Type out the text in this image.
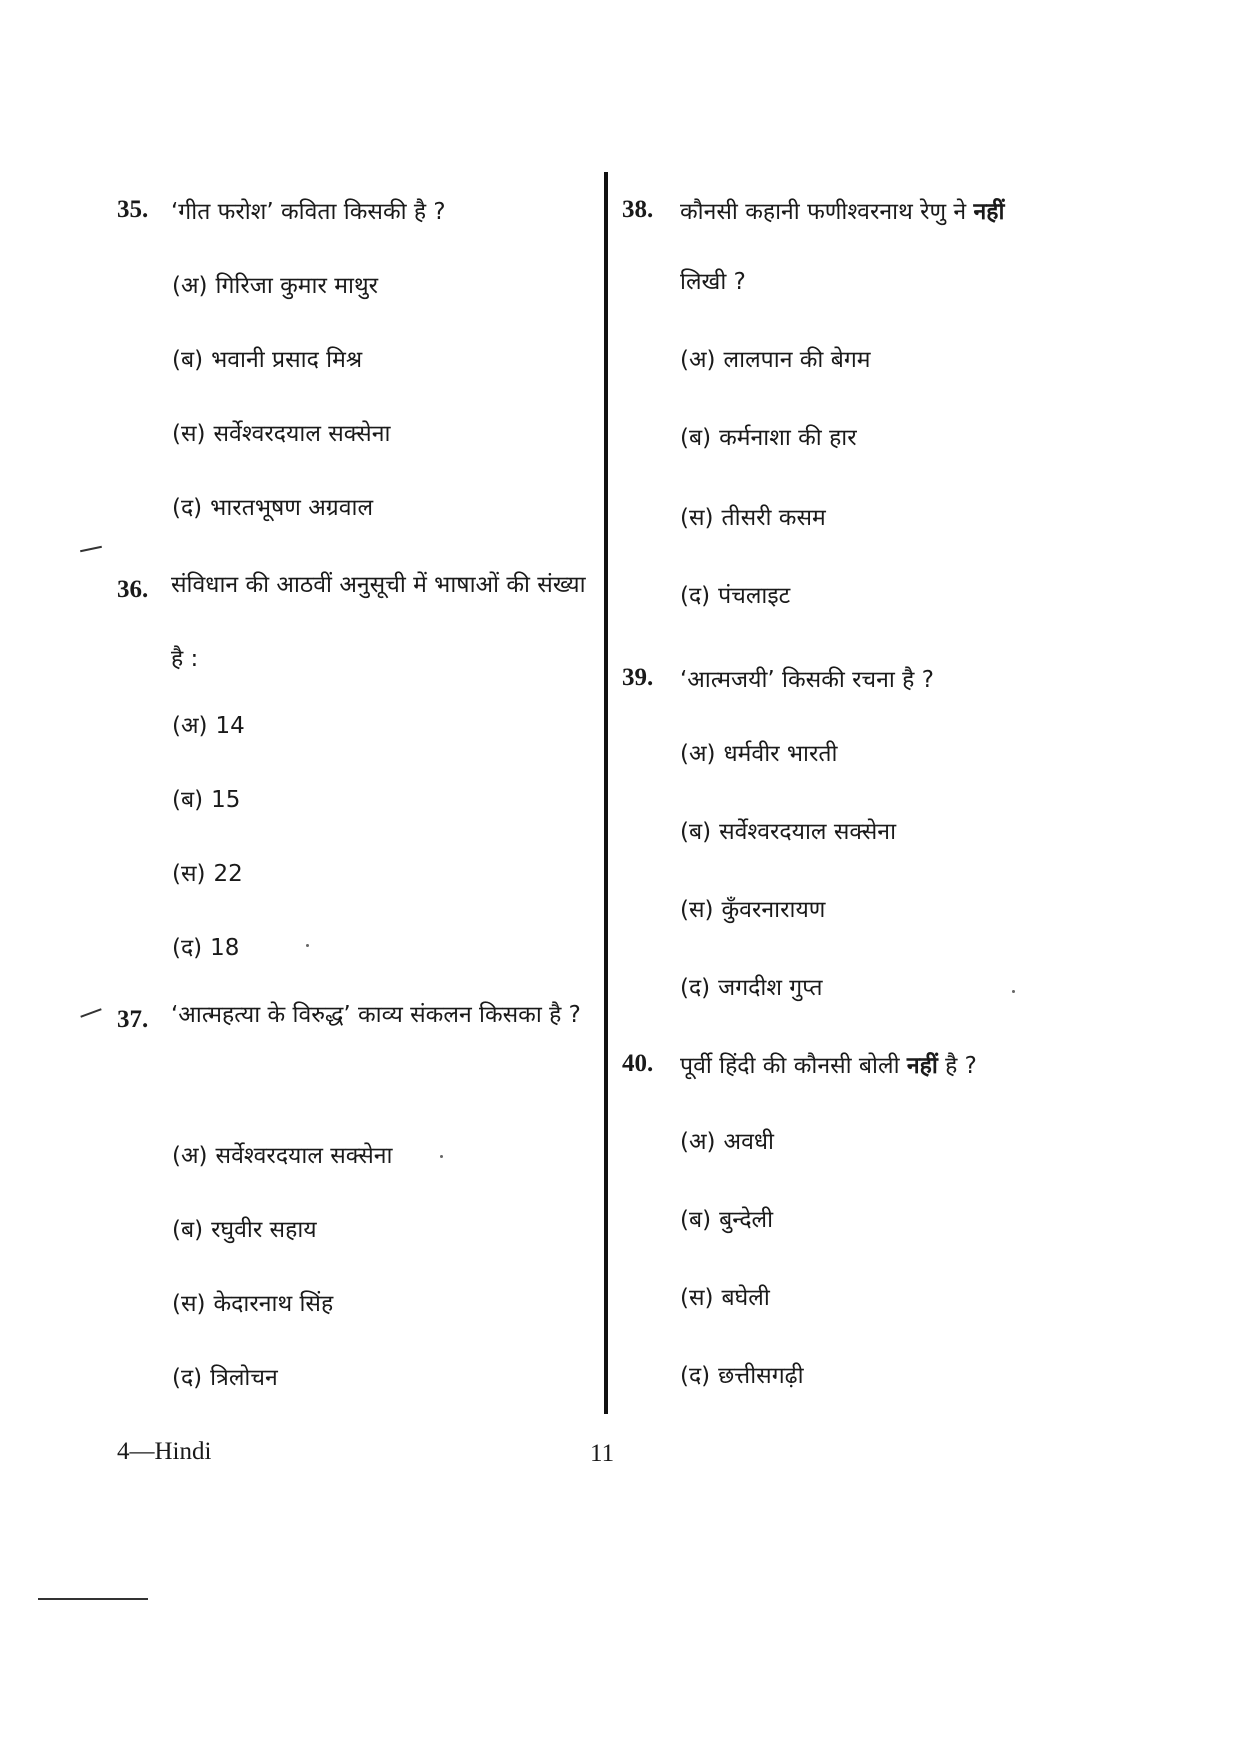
35. ‘गीत फरोश’ कविता किसकी है ?
(अ) गिरिजा कुमार माथुर
(ब) भवानी प्रसाद मिश्र
(स) सर्वेश्वरदयाल सक्सेना
(द) भारतभूषण अग्रवाल
36. संविधान की आठवीं अनुसूची में भाषाओं की संख्या है :
(अ) 14
(ब) 15
(स) 22
(द) 18
37. ‘आत्महत्या के विरुद्ध’ काव्य संकलन किसका है ?
(अ) सर्वेश्वरदयाल सक्सेना
(ब) रघुवीर सहाय
(स) केदारनाथ सिंह
(द) त्रिलोचन
38.	कौनसी कहानी फणीश्वरनाथ रेणु ने नहीं
लिखी ?
(अ) लालपान की बेगम
(ब) कर्मनाशा की हार
(स) तीसरी कसम
(द) पंचलाइट
39.	‘आत्मजयी’ किसकी रचना है ?
(अ) धर्मवीर भारती
(ब) सर्वेश्वरदयाल सक्सेना
(स) कुँवरनारायण
(द) जगदीश गुप्त
40.	पूर्वी हिंदी की कौनसी बोली नहीं है ?
(अ) अवधी
(ब) बुन्देली
(स) बघेली
(द) छत्तीसगढ़ी
4—Hindi	11
